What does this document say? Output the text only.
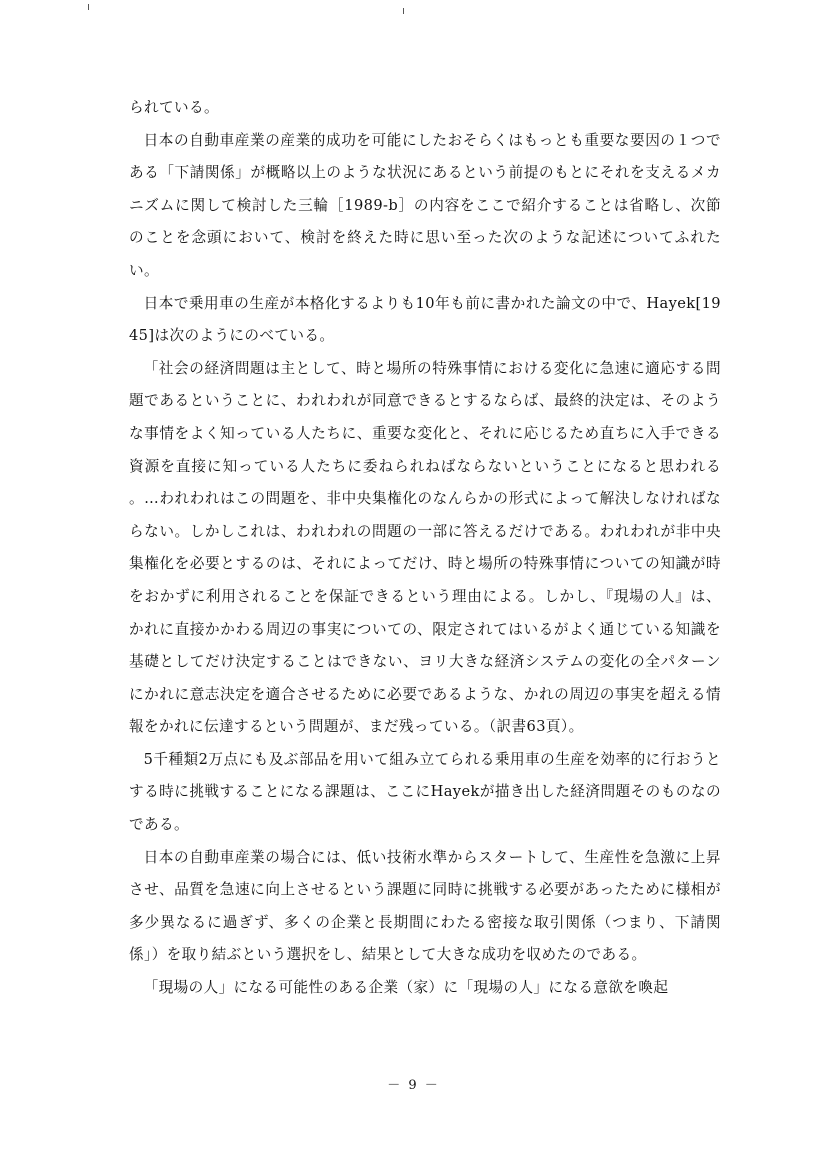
られている。

日本の自動車産業の産業的成功を可能にしたおそらくはもっとも重要な要因の１つである「下請関係」が概略以上のような状況にあるという前提のもとにそれを支えるメカニズムに関して検討した三輪［1989-b］の内容をここで紹介することは省略し、次節のことを念頭において、検討を終えた時に思い至った次のような記述についてふれたい。

日本で乗用車の生産が本格化するよりも10年も前に書かれた論文の中で、Hayek[1945]は次のようにのべている。

「社会の経済問題は主として、時と場所の特殊事情における変化に急速に適応する問題であるということに、われわれが同意できるとするならば、最終的決定は、そのような事情をよく知っている人たちに、重要な変化と、それに応じるため直ちに入手できる資源を直接に知っている人たちに委ねられねばならないということになると思われる 。…われわれはこの問題を、非中央集権化のなんらかの形式によって解決しなければならない。しかしこれは、われわれの問題の一部に答えるだけである。われわれが非中央集権化を必要とするのは、それによってだけ、時と場所の特殊事情についての知識が時をおかずに利用されることを保証できるという理由による。しかし、『現場の人』は、かれに直接かかわる周辺の事実についての、限定されてはいるがよく通じている知識を基礎としてだけ決定することはできない、ヨリ大きな経済システムの変化の全パターンにかれに意志決定を適合させるために必要であるような、かれの周辺の事実を超える情報をかれに伝達するという問題が、まだ残っている。（訳書63頁）。

5千種類2万点にも及ぶ部品を用いて組み立てられる乗用車の生産を効率的に行おうとする時に挑戦することになる課題は、ここにHayekが描き出した経済問題そのものなのである。

日本の自動車産業の場合には、低い技術水準からスタートして、生産性を急激に上昇させ、品質を急速に向上させるという課題に同時に挑戦する必要があったために様相が多少異なるに過ぎず、多くの企業と長期間にわたる密接な取引関係（つまり、下請関係」）を取り結ぶという選択をし、結果として大きな成功を収めたのである。

「現場の人」になる可能性のある企業（家）に「現場の人」になる意欲を喚起

－ 9 －
